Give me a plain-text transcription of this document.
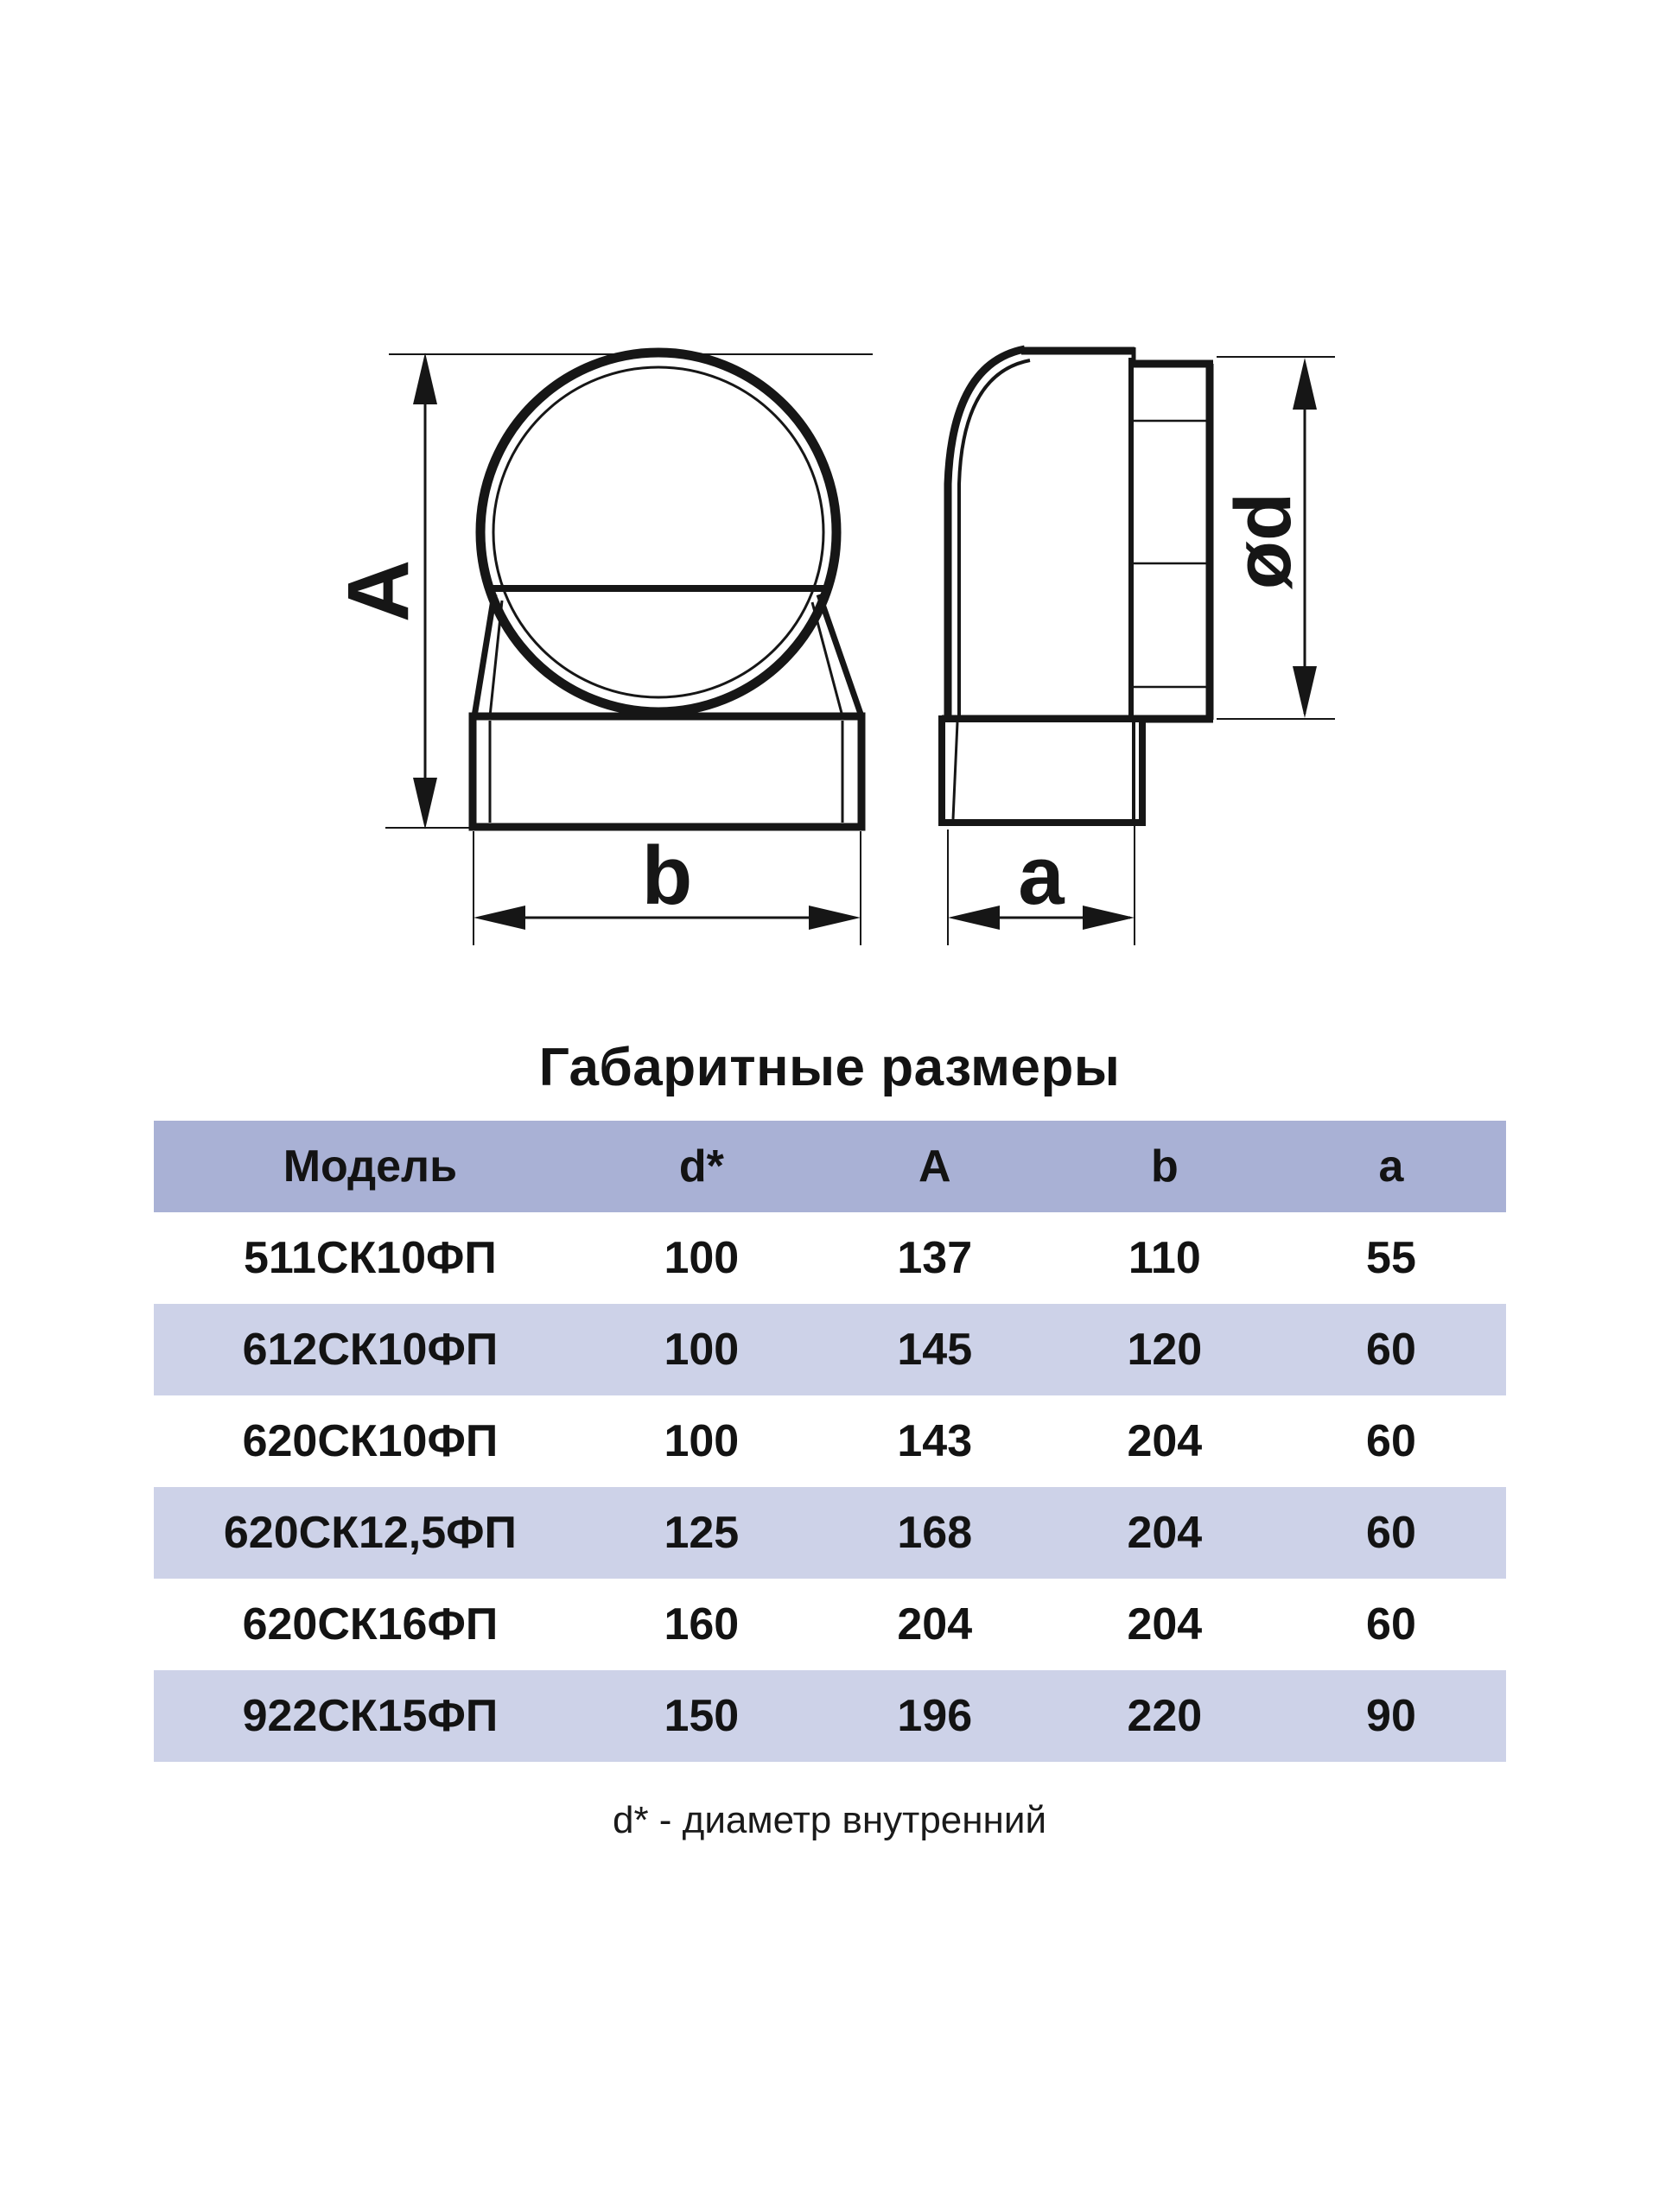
A
b
ød
a
Габаритные размеры
Модель	d*	A	b	a
511СК10ФП	100	137	110	55
612СК10ФП	100	145	120	60
620СК10ФП	100	143	204	60
620СК12,5ФП	125	168	204	60
620СК16ФП	160	204	204	60
922СК15ФП	150	196	220	90
d* - диаметр внутренний
